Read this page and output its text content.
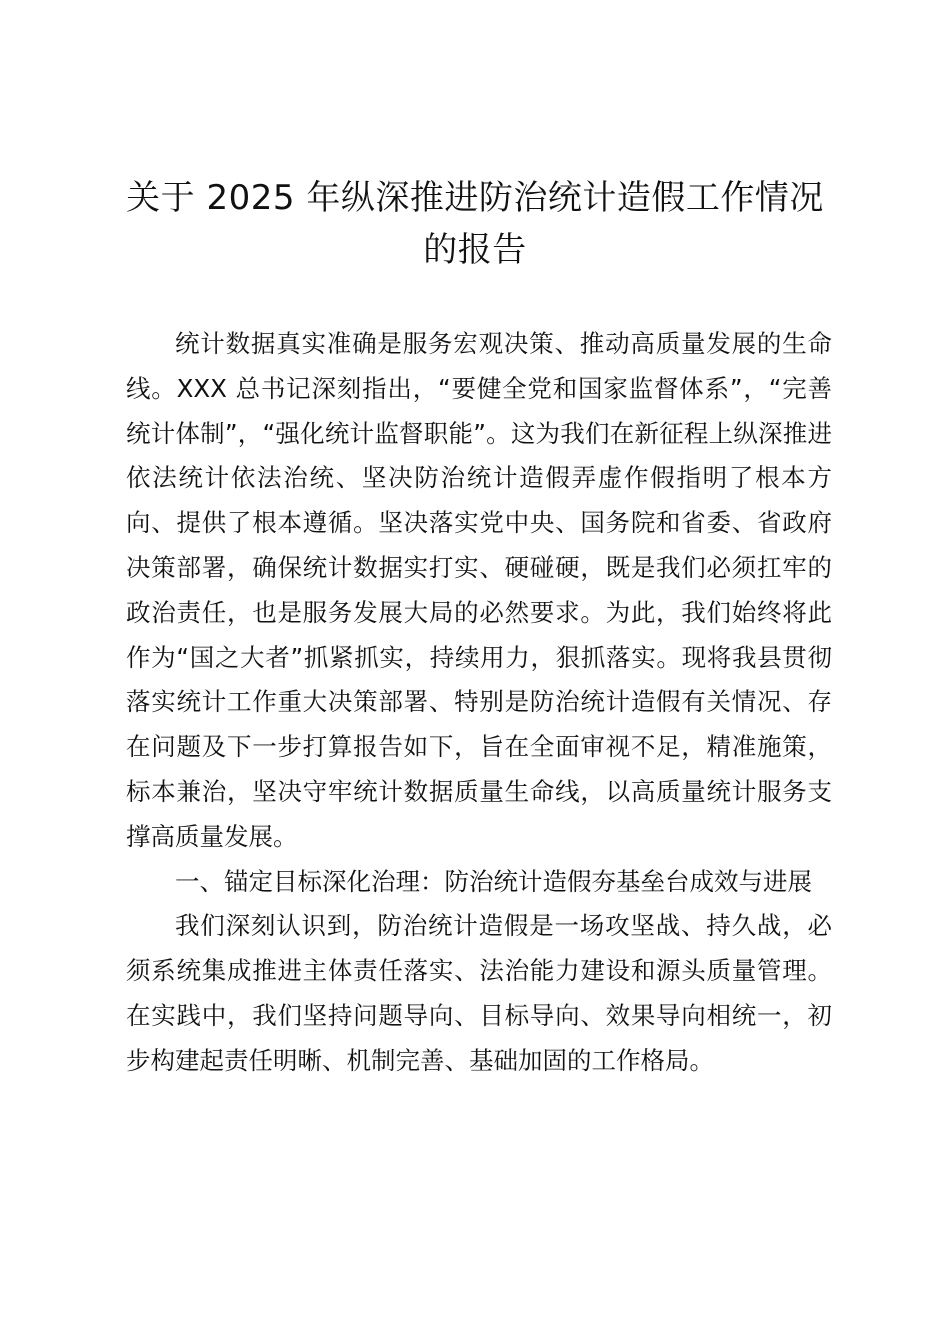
关于 2025 年纵深推进防治统计造假工作情况
的报告

统计数据真实准确是服务宏观决策、推动高质量发展的生命线。XXX 总书记深刻指出，“要健全党和国家监督体系”，“完善统计体制”，“强化统计监督职能”。这为我们在新征程上纵深推进依法统计依法治统、坚决防治统计造假弄虚作假指明了根本方向、提供了根本遵循。坚决落实党中央、国务院和省委、省政府决策部署，确保统计数据实打实、硬碰硬，既是我们必须扛牢的政治责任，也是服务发展大局的必然要求。为此，我们始终将此作为“国之大者”抓紧抓实，持续用力，狠抓落实。现将我县贯彻落实统计工作重大决策部署、特别是防治统计造假有关情况、存在问题及下一步打算报告如下，旨在全面审视不足，精准施策，标本兼治，坚决守牢统计数据质量生命线，以高质量统计服务支撑高质量发展。

一、锚定目标深化治理：防治统计造假夯基垒台成效与进展

我们深刻认识到，防治统计造假是一场攻坚战、持久战，必须系统集成推进主体责任落实、法治能力建设和源头质量管理。在实践中，我们坚持问题导向、目标导向、效果导向相统一，初步构建起责任明晰、机制完善、基础加固的工作格局。
